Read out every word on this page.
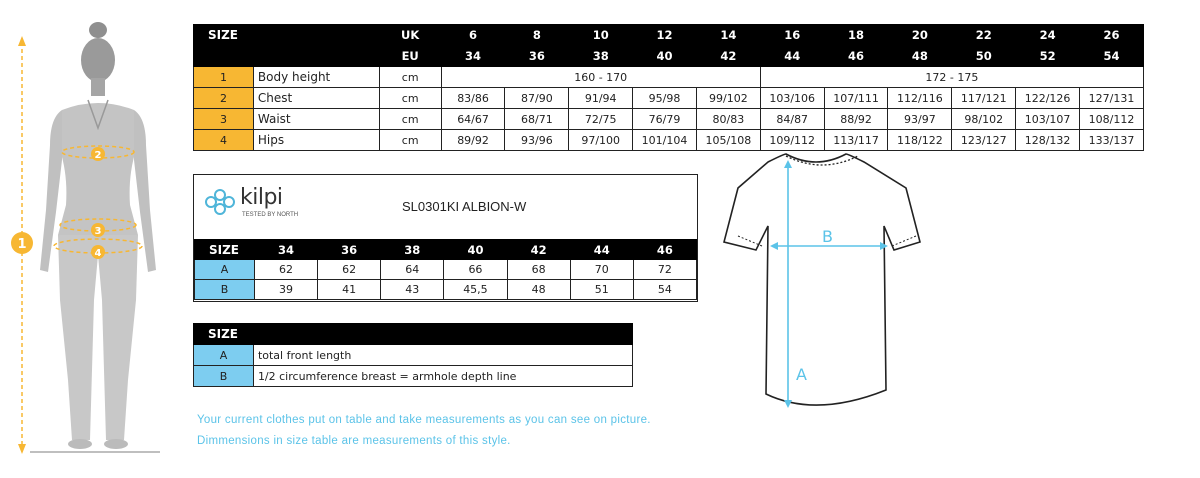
1
2
3
4
SIZE		UK	6	8	10	12	14	16	18	20	22	24	26
		EU	34	36	38	40	42	44	46	48	50	52	54
1	Body height	cm	160 - 170					172 - 175					
2	Chest	cm	83/86	87/90	91/94	95/98	99/102	103/106	107/111	112/116	117/121	122/126	127/131
3	Waist	cm	64/67	68/71	72/75	76/79	80/83	84/87	88/92	93/97	98/102	103/107	108/112
4	Hips	cm	89/92	93/96	97/100	101/104	105/108	109/112	113/117	118/122	123/127	128/132	133/137
kilpi
TESTED BY NORTH
SL0301KI ALBION-W
SIZE	34	36	38	40	42	44	46
A	62	62	64	66	68	70	72
B	39	41	43	45,5	48	51	54
SIZE	
A	total front length
B	1/2 circumference breast = armhole depth line
Your current clothes put on table and take measurements as you can see on picture.
Dimmensions in size table are measurements of this style.
A
B
